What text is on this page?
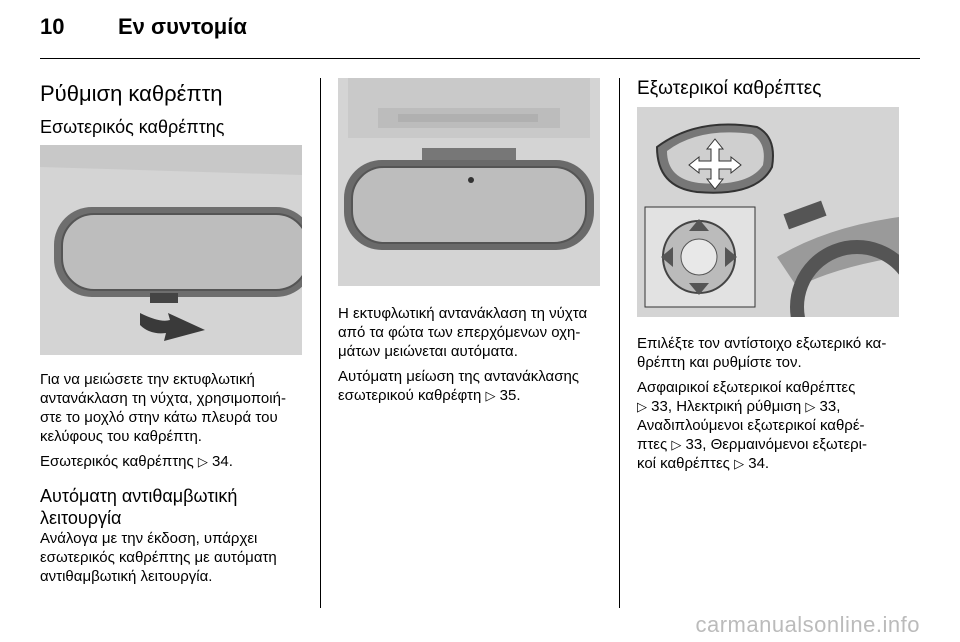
10 Εν συντομία
Ρύθμιση καθρέπτη
Εσωτερικός καθρέπτης

Για να μειώσετε την εκτυφλωτική

αντανάκλαση τη νύχτα, χρησιμοποιή-

στε το μοχλό στην κάτω πλευρά του

κελύφους του καθρέπτη.

Εσωτερικός καθρέπτης ▷ 34.

Αυτόματη αντιθαμβωτική
λειτουργία

Ανάλογα με την έκδοση, υπάρχει

εσωτερικός καθρέπτης με αυτόματη

αντιθαμβωτική λειτουργία.

Η εκτυφλωτική αντανάκλαση τη νύχτα

από τα φώτα των επερχόμενων οχη-

μάτων μειώνεται αυτόματα.

Αυτόματη μείωση της αντανάκλασης

εσωτερικού καθρέφτη ▷ 35.

Εξωτερικοί καθρέπτες

Επιλέξτε τον αντίστοιχο εξωτερικό κα-

θρέπτη και ρυθμίστε τον.

Ασφαιρικοί εξωτερικοί καθρέπτες

▷ 33, Ηλεκτρική ρύθμιση ▷ 33,

Αναδιπλούμενοι εξωτερικοί καθρέ-

πτες ▷ 33, Θερμαινόμενοι εξωτερι-

κοί καθρέπτες ▷ 34.

carmanualsonline.info
